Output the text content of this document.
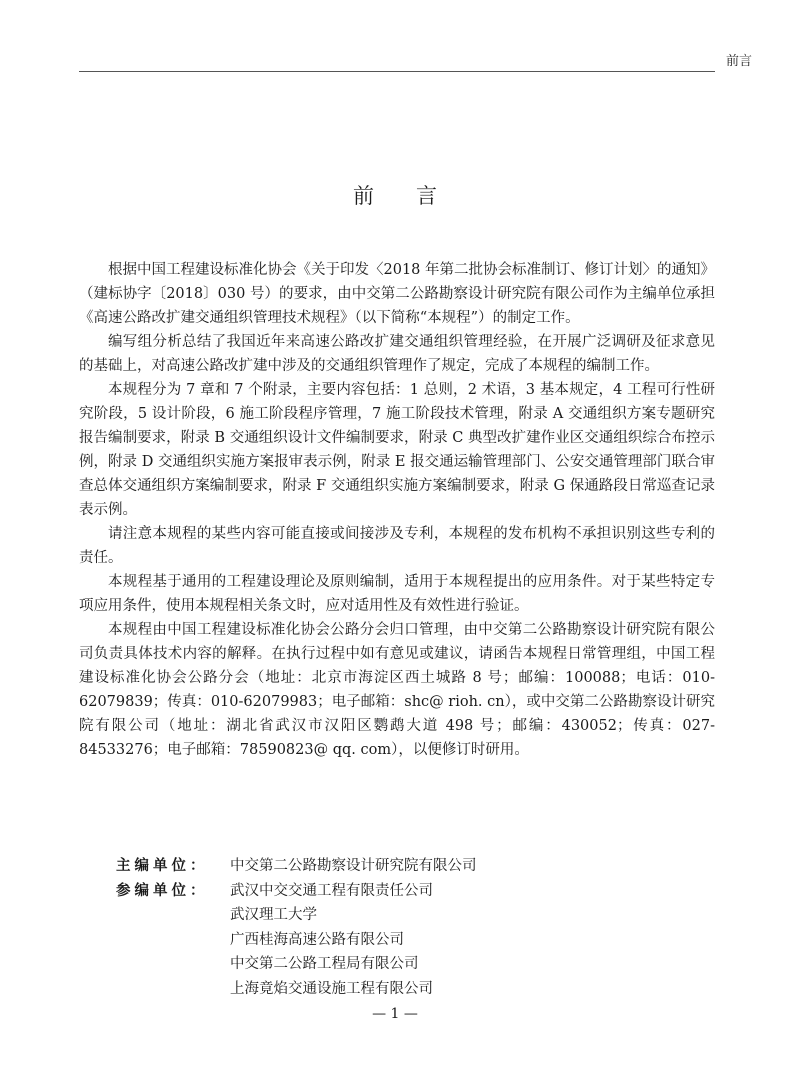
前言
前言

根据中国工程建设标准化协会《关于印发〈2018 年第二批协会标准制订、修订计划〉的通知》（建标协字〔2018〕030 号）的要求，由中交第二公路勘察设计研究院有限公司作为主编单位承担《高速公路改扩建交通组织管理技术规程》（以下简称“本规程”）的制定工作。

编写组分析总结了我国近年来高速公路改扩建交通组织管理经验，在开展广泛调研及征求意见的基础上，对高速公路改扩建中涉及的交通组织管理作了规定，完成了本规程的编制工作。

本规程分为 7 章和 7 个附录，主要内容包括：1 总则，2 术语，3 基本规定，4 工程可行性研究阶段，5 设计阶段，6 施工阶段程序管理，7 施工阶段技术管理，附录 A 交通组织方案专题研究报告编制要求，附录 B 交通组织设计文件编制要求，附录 C 典型改扩建作业区交通组织综合布控示例，附录 D 交通组织实施方案报审表示例，附录 E 报交通运输管理部门、公安交通管理部门联合审查总体交通组织方案编制要求，附录 F 交通组织实施方案编制要求，附录 G 保通路段日常巡查记录表示例。

请注意本规程的某些内容可能直接或间接涉及专利，本规程的发布机构不承担识别这些专利的责任。

本规程基于通用的工程建设理论及原则编制，适用于本规程提出的应用条件。对于某些特定专项应用条件，使用本规程相关条文时，应对适用性及有效性进行验证。

本规程由中国工程建设标准化协会公路分会归口管理，由中交第二公路勘察设计研究院有限公司负责具体技术内容的解释。在执行过程中如有意见或建议，请函告本规程日常管理组，中国工程建设标准化协会公路分会（地址：北京市海淀区西土城路 8 号；邮编：100088；电话：010-62079839；传真：010-62079983；电子邮箱：shc@ rioh. cn），或中交第二公路勘察设计研究院有限公司（地址：湖北省武汉市汉阳区鹦鹉大道 498 号；邮编：430052；传真：027-84533276；电子邮箱：78590823@ qq. com），以便修订时研用。

主编单位：	中交第二公路勘察设计研究院有限公司
参编单位：	武汉中交交通工程有限责任公司
武汉理工大学
广西桂海高速公路有限公司
中交第二公路工程局有限公司
上海竟焰交通设施工程有限公司
— 1 —
